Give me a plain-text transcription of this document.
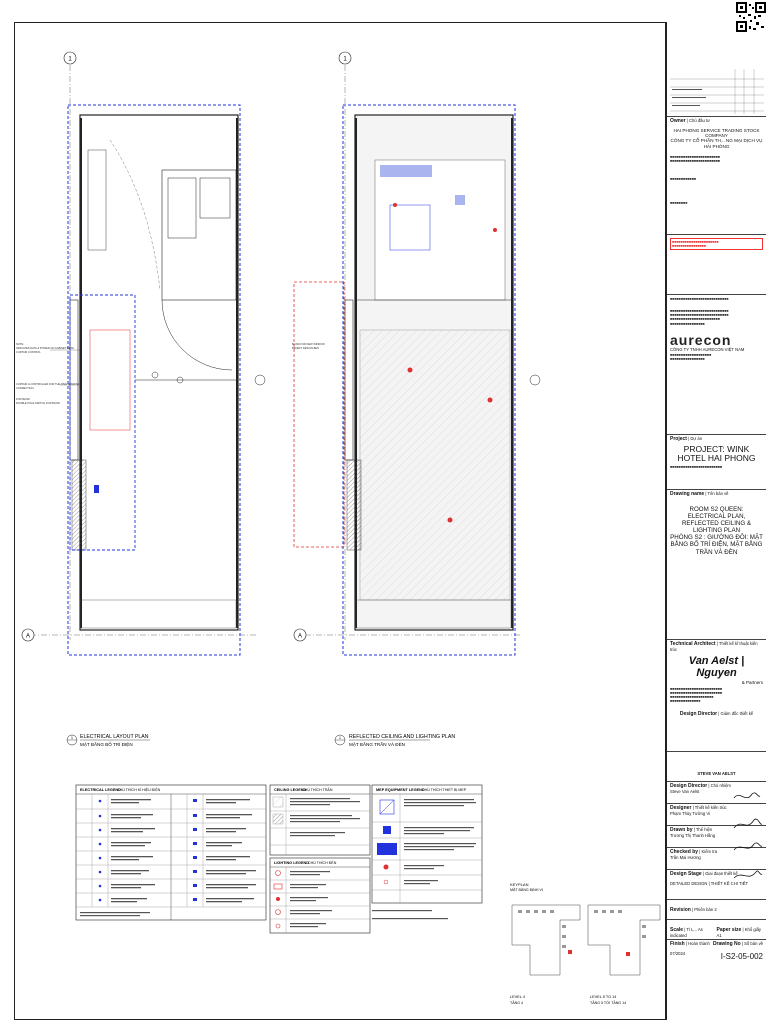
1
A
NOTE:
INDICATES DATA & POWER ON CABINET DESK
CURTAIN CONTROL
CURTAIN & CONTROLLER FOR THE DIVE WINDOW
CONNECTION
FOR BLIND
DOUBLE POLE SWITCH FOR BLIND
1
A
BLIND FOR NEW WINDOW
BENEFT DESIGN BEN
1 ELECTRICAL LAYOUT PLAN
MẶT BẰNG BỐ TRÍ ĐIỆN
1 REFLECTED CEILING AND LIGHTING PLAN
MẶT BẰNG TRẦN VÀ ĐÈN
ELECTRICAL LEGEND
CHÚ THÍCH KÍ HIỆU ĐIỆN	CEILING LEGEND
CHÚ THÍCH TRẦN
LIGHTING LEGEND
CHÚ THÍCH ĐÈN
MEP EQUIPMENT LEGEND
CHÚ THÍCH THIẾT BỊ MEP
KEYPLAN
MẶT BẰNG ĐỊNH VỊ
LEVEL 4
TẦNG 4
LEVEL 5 TO 14
TẦNG 5 TỚI TẦNG 14
Owner | Chủ đầu tư
HAI PHONG SERVICE TRADING STOCK COMPANY
CÔNG TY CỔ PHẦN TH... NG MẠI DỊCH VỤ HẢI PHÒNG
■■■■■■■■■■■■■■■■■■■■■■■
■■■■■■■■■■■■■■■■■■■■■■■
■■■■■■■■■■■■
■■■■■■■■
■■■■■■■■■■■■■■■■■■■■■■
■■■■■■■■■■■■■■■■
■■■■■■■■■■■■■■■■■■■■■■■■■■■
■■■■■■■■■■■■■■■■■■■■■■■■■■■
■■■■■■■■■■■■■■■■■■■■■■■■■■■
■■■■■■■■■■■■■■■■■■■■■■■
■■■■■■■■■■■■■■■■
aurecon
CÔNG TY TNHH AURECON VIỆT NAM
■■■■■■■■■■■■■■■■■■■
■■■■■■■■■■■■■■■■
Project | Dự án
PROJECT: WINK HOTEL HAI PHONG
■■■■■■■■■■■■■■■■■■■■■■■■
Drawing name | Tên bản vẽ
ROOM S2 QUEEN: ELECTRICAL PLAN, REFLECTED CEILING & LIGHTING PLAN
PHÒNG S2 : GIƯỜNG ĐÔI: MẶT BẰNG BỐ TRÍ ĐIỆN, MẶT BẰNG TRẦN VÀ ĐÈN
Technical Architect | Thiết kế kĩ thuật kiến trúc
Van Aelst | Nguyen
& Partners
■■■■■■■■■■■■■■■■■■■■■■■■
■■■■■■■■■■■■■■■■■■■■■■■■
■■■■■■■■■■■■■■■■■■■■
■■■■■■■■■■■■■■
Design Director | Giám đốc thiết kế
STEVE VAN AELST
Design Director | Chủ nhiệm
Steve Van Aelst
Designer | Thiết kế kiến trúc
Phạm Thùy Tường Vi
Drawn by | Thể hiện
Trương Thị Thanh Hằng
Checked by | Kiểm tra
Trần Mai Hương
Design Stage | Giai đoạn thiết kế
DETAILED DESIGN | THIẾT KẾ CHI TIẾT
Revision | Phiên bản 2
Scale | Tỉ L... As indicated
Paper size | Khổ giấy A1
Finish | Hoàn thành Drawing No | Số bản vẽ
07/2024	I-S2-05-002
